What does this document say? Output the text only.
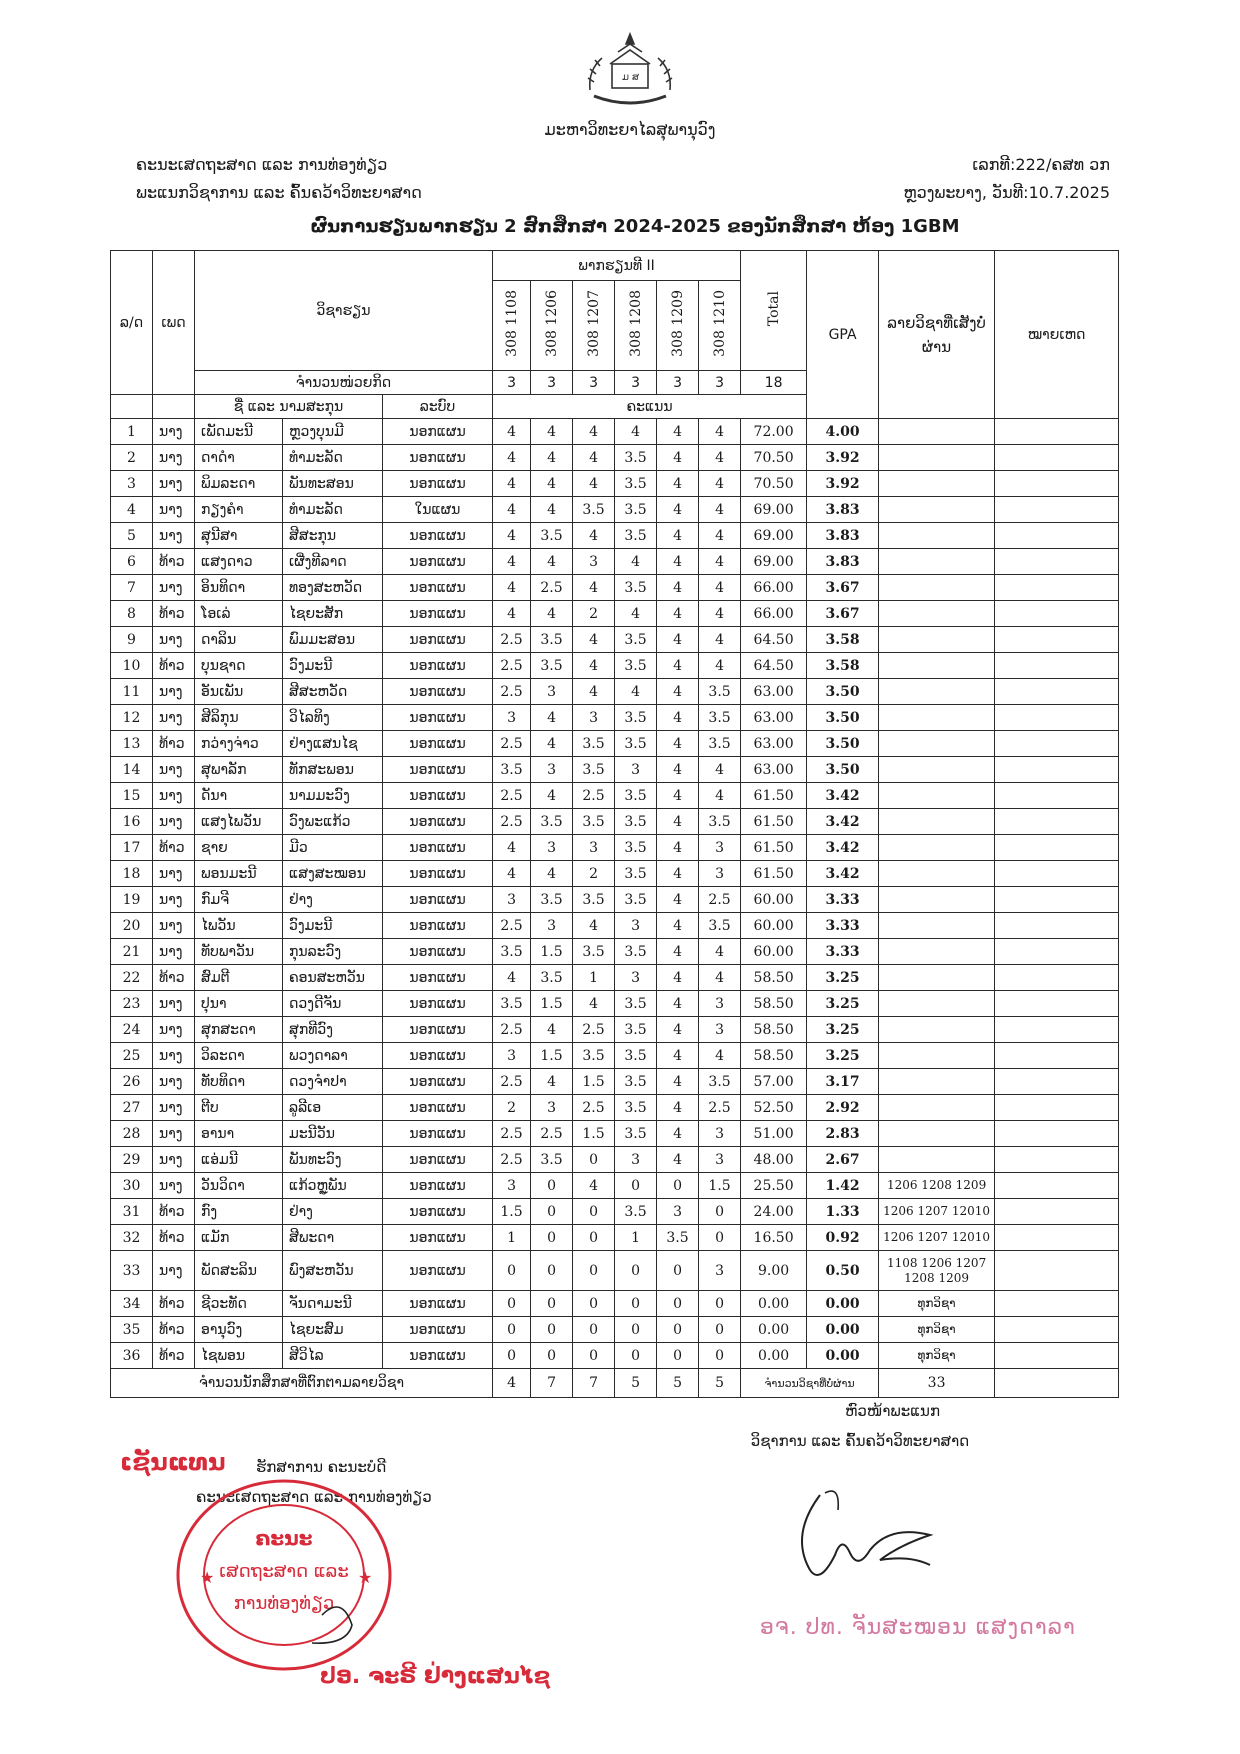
ມ ສ
ມະຫາວິທະຍາໄລສຸພານຸວົງ
ຄະນະເສດຖະສາດ ແລະ ການທ່ອງທ່ຽວ
ພະແນກວິຊາການ ແລະ ຄົ້ນຄວ້າວິທະຍາສາດ
ເລກທີ:222/ຄສທ ວກ
ຫຼວງພະບາງ, ວັນທີ:10.7.2025
ຜົນການຮຽນພາກຮຽນ 2 ສົກສຶກສາ 2024-2025 ຂອງນັກສຶກສາ ຫ້ອງ 1GBM
ລ/ດ	ເພດ	ວິຊາຮຽນ			ພາກຮຽນທີ II						Total	GPA	ລາຍວິຊາທີ່ເສັງບໍ່ຜ່ານ	ໝາຍເຫດ
					308 1108	308 1206	308 1207	308 1208	308 1209	308 1210				
		ຈຳນວນໜ່ວຍກິດ			3	3	3	3	3	3	18			
		ຊື່ ແລະ ນາມສະກຸນ		ລະບົບ	ຄະແນນ									
1	ນາງ	ເພັດມະນີ	ຫຼວງບຸນມີ	ນອກແຜນ	4	4	4	4	4	4	72.00	4.00		
2	ນາງ	ດາດຳ	ທຳມະລັດ	ນອກແຜນ	4	4	4	3.5	4	4	70.50	3.92		
3	ນາງ	ພິມລະດາ	ພັນທະສອນ	ນອກແຜນ	4	4	4	3.5	4	4	70.50	3.92		
4	ນາງ	ກຽງຄຳ	ທຳມະລັດ	ໃນແຜນ	4	4	3.5	3.5	4	4	69.00	3.83		
5	ນາງ	ສຸນີສາ	ສີສະກຸນ	ນອກແຜນ	4	3.5	4	3.5	4	4	69.00	3.83		
6	ທ້າວ	ແສງດາວ	ເຜີ່ງທີລາດ	ນອກແຜນ	4	4	3	4	4	4	69.00	3.83		
7	ນາງ	ອິນທິດາ	ທອງສະຫວັດ	ນອກແຜນ	4	2.5	4	3.5	4	4	66.00	3.67		
8	ທ້າວ	ໂອເລ່	ໄຊຍະສັກ	ນອກແຜນ	4	4	2	4	4	4	66.00	3.67		
9	ນາງ	ດາລິນ	ພົມມະສອນ	ນອກແຜນ	2.5	3.5	4	3.5	4	4	64.50	3.58		
10	ທ້າວ	ບຸນຊາດ	ວົງມະນີ	ນອກແຜນ	2.5	3.5	4	3.5	4	4	64.50	3.58		
11	ນາງ	ອັນເພັນ	ສີສະຫວັດ	ນອກແຜນ	2.5	3	4	4	4	3.5	63.00	3.50		
12	ນາງ	ສີລິກຸນ	ວິໄລທິງ	ນອກແຜນ	3	4	3	3.5	4	3.5	63.00	3.50		
13	ທ້າວ	ກວ່າງຈ່າວ	ຢ່າງແສນໄຊ	ນອກແຜນ	2.5	4	3.5	3.5	4	3.5	63.00	3.50		
14	ນາງ	ສຸພາລັກ	ທັກສະພອນ	ນອກແຜນ	3.5	3	3.5	3	4	4	63.00	3.50		
15	ນາງ	ດັນາ	ນາມມະວົງ	ນອກແຜນ	2.5	4	2.5	3.5	4	4	61.50	3.42		
16	ນາງ	ແສງໄພວັນ	ວົງພະແກ້ວ	ນອກແຜນ	2.5	3.5	3.5	3.5	4	3.5	61.50	3.42		
17	ທ້າວ	ຊາຍ	ມີວ	ນອກແຜນ	4	3	3	3.5	4	3	61.50	3.42		
18	ນາງ	ພອນມະນີ	ແສງສະໝອນ	ນອກແຜນ	4	4	2	3.5	4	3	61.50	3.42		
19	ນາງ	ກົມຈີ	ຢ່າງ	ນອກແຜນ	3	3.5	3.5	3.5	4	2.5	60.00	3.33		
20	ນາງ	ໄພວັນ	ວົງມະນີ	ນອກແຜນ	2.5	3	4	3	4	3.5	60.00	3.33		
21	ນາງ	ທັບພາວັນ	ກຸນລະວົງ	ນອກແຜນ	3.5	1.5	3.5	3.5	4	4	60.00	3.33		
22	ທ້າວ	ສົມຕີ	ຄອນສະຫວັນ	ນອກແຜນ	4	3.5	1	3	4	4	58.50	3.25		
23	ນາງ	ປຸນາ	ດວງດີຈັນ	ນອກແຜນ	3.5	1.5	4	3.5	4	3	58.50	3.25		
24	ນາງ	ສຸກສະດາ	ສຸກທີວົງ	ນອກແຜນ	2.5	4	2.5	3.5	4	3	58.50	3.25		
25	ນາງ	ວິລະດາ	ພວງດາລາ	ນອກແຜນ	3	1.5	3.5	3.5	4	4	58.50	3.25		
26	ນາງ	ທັບທິດາ	ດວງຈຳປາ	ນອກແຜນ	2.5	4	1.5	3.5	4	3.5	57.00	3.17		
27	ນາງ	ຕີບ	ລູລີເອ	ນອກແຜນ	2	3	2.5	3.5	4	2.5	52.50	2.92		
28	ນາງ	ອານາ	ມະນີວັນ	ນອກແຜນ	2.5	2.5	1.5	3.5	4	3	51.00	2.83		
29	ນາງ	ແອ່ມນີ	ພັນທະວົງ	ນອກແຜນ	2.5	3.5	0	3	4	3	48.00	2.67		
30	ນາງ	ວັນວິດາ	ແກ້ວຫຼູພັນ	ນອກແຜນ	3	0	4	0	0	1.5	25.50	1.42	1206 1208 1209	
31	ທ້າວ	ກົງ	ຢ່າງ	ນອກແຜນ	1.5	0	0	3.5	3	0	24.00	1.33	1206 1207 12010	
32	ທ້າວ	ແມັກ	ສີພະດາ	ນອກແຜນ	1	0	0	1	3.5	0	16.50	0.92	1206 1207 12010	
33	ນາງ	ພັດສະລິນ	ພົງສະຫວັນ	ນອກແຜນ	0	0	0	0	0	3	9.00	0.50	1108 1206 1207 1208 1209	
34	ທ້າວ	ຊີວະທັດ	ຈັນດາມະນີ	ນອກແຜນ	0	0	0	0	0	0	0.00	0.00	ທຸກວິຊາ	
35	ທ້າວ	ອານຸວົງ	ໄຊຍະສົມ	ນອກແຜນ	0	0	0	0	0	0	0.00	0.00	ທຸກວິຊາ	
36	ທ້າວ	ໄຊພອນ	ສີວິໄລ	ນອກແຜນ	0	0	0	0	0	0	0.00	0.00	ທຸກວິຊາ	
ຈຳນວນນັກສຶກສາທີ່ຕົກຕາມລາຍວິຊາ					4	7	7	5	5	5	ຈຳນວນວິຊາທີ່ບໍ່ຜ່ານ		33	
ຫົວໜ້າພະແນກ
ວິຊາການ ແລະ ຄົ້ນຄວ້າວິທະຍາສາດ
ອຈ. ປທ. ຈັນສະໝອນ ແສງດາລາ
ເຊັນແທນ ຮັກສາການ ຄະນະບໍດີ
ຄະນະເສດຖະສາດ ແລະ ການທ່ອງທ່ຽວ
★	★
ຄະນະ
ເສດຖະສາດ ແລະ
ການທ່ອງທ່ຽວ
ປອ. ຈະຣີ ຢ່າງແສນໄຊ
